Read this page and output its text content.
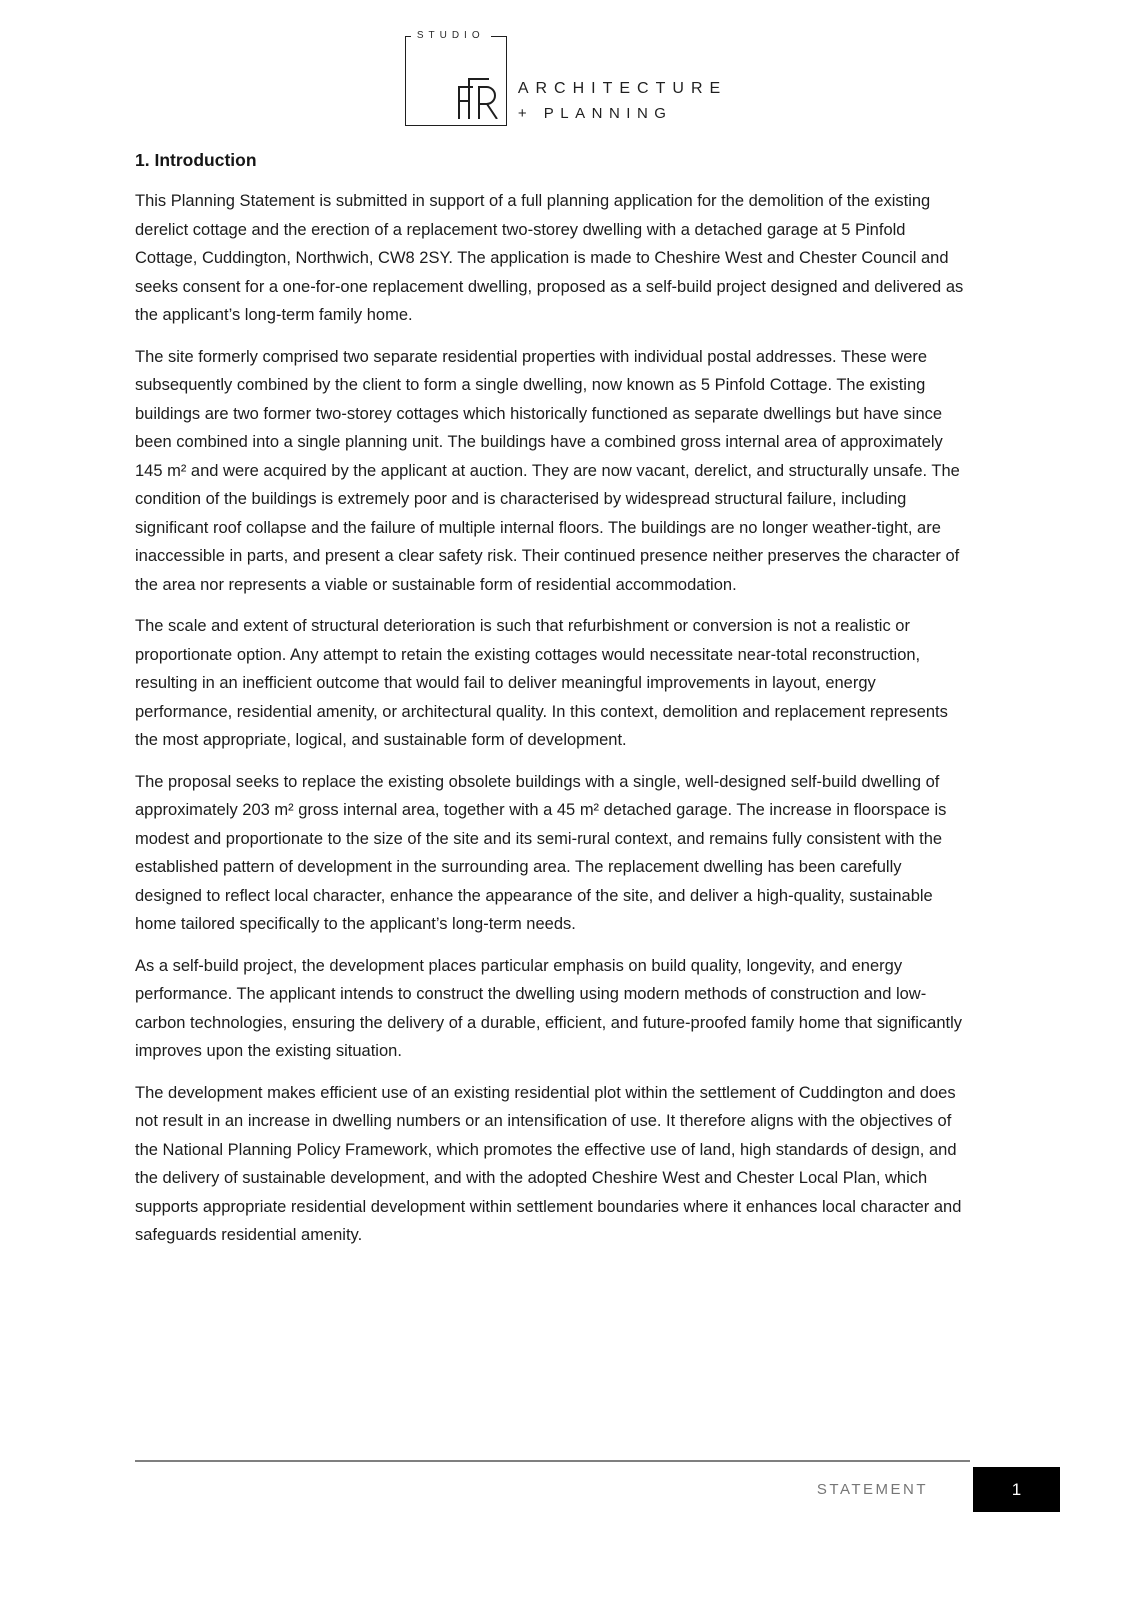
STUDIO
ARCHITECTURE
+ PLANNING
1. Introduction

This Planning Statement is submitted in support of a full planning application for the demolition of the existing derelict cottage and the erection of a replacement two-storey dwelling with a detached garage at 5 Pinfold Cottage, Cuddington, Northwich, CW8 2SY. The application is made to Cheshire West and Chester Council and seeks consent for a one-for-one replacement dwelling, proposed as a self-build project designed and delivered as the applicant’s long-term family home.

The site formerly comprised two separate residential properties with individual postal addresses. These were subsequently combined by the client to form a single dwelling, now known as 5 Pinfold Cottage. The existing buildings are two former two-storey cottages which historically functioned as separate dwellings but have since been combined into a single planning unit. The buildings have a combined gross internal area of approximately 145 m² and were acquired by the applicant at auction. They are now vacant, derelict, and structurally unsafe. The condition of the buildings is extremely poor and is characterised by widespread structural failure, including significant roof collapse and the failure of multiple internal floors. The buildings are no longer weather-tight, are inaccessible in parts, and present a clear safety risk. Their continued presence neither preserves the character of the area nor represents a viable or sustainable form of residential accommodation.

The scale and extent of structural deterioration is such that refurbishment or conversion is not a realistic or proportionate option. Any attempt to retain the existing cottages would necessitate near-total reconstruction, resulting in an inefficient outcome that would fail to deliver meaningful improvements in layout, energy performance, residential amenity, or architectural quality. In this context, demolition and replacement represents the most appropriate, logical, and sustainable form of development.

The proposal seeks to replace the existing obsolete buildings with a single, well-designed self-build dwelling of approximately 203 m² gross internal area, together with a 45 m² detached garage. The increase in floorspace is modest and proportionate to the size of the site and its semi-rural context, and remains fully consistent with the established pattern of development in the surrounding area. The replacement dwelling has been carefully designed to reflect local character, enhance the appearance of the site, and deliver a high-quality, sustainable home tailored specifically to the applicant’s long-term needs.

As a self-build project, the development places particular emphasis on build quality, longevity, and energy performance. The applicant intends to construct the dwelling using modern methods of construction and low-carbon technologies, ensuring the delivery of a durable, efficient, and future-proofed family home that significantly improves upon the existing situation.

The development makes efficient use of an existing residential plot within the settlement of Cuddington and does not result in an increase in dwelling numbers or an intensification of use. It therefore aligns with the objectives of the National Planning Policy Framework, which promotes the effective use of land, high standards of design, and the delivery of sustainable development, and with the adopted Cheshire West and Chester Local Plan, which supports appropriate residential development within settlement boundaries where it enhances local character and safeguards residential amenity.

STATEMENT	1
